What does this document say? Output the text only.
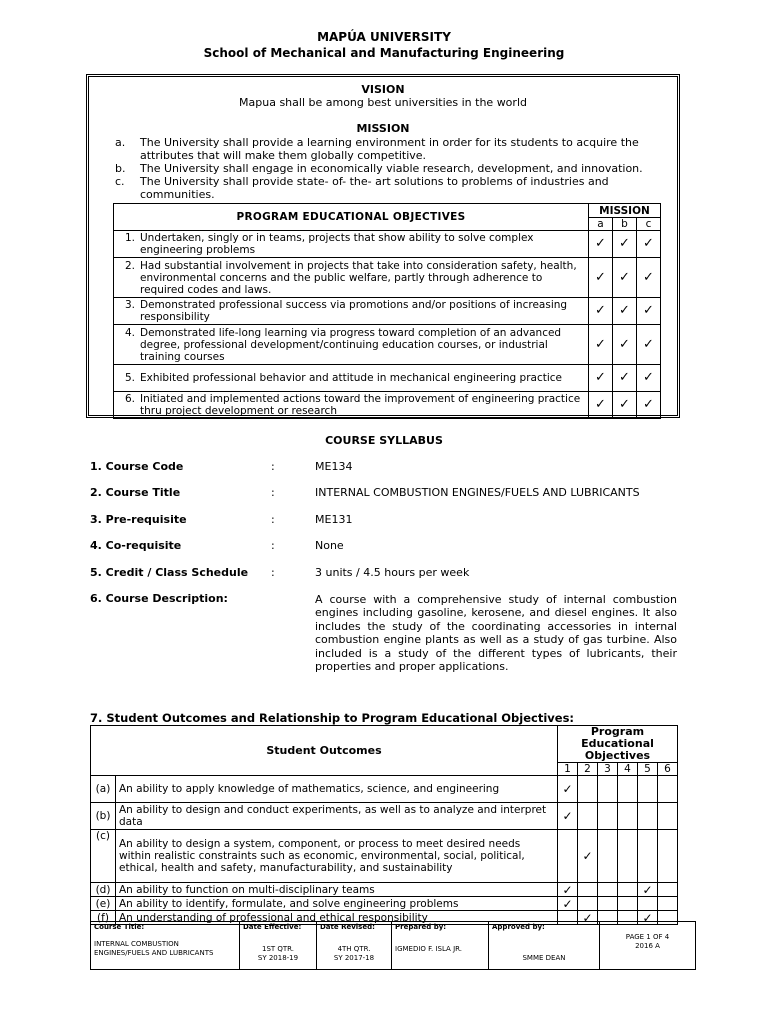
MAPÚA UNIVERSITY
School of Mechanical and Manufacturing Engineering
VISION
Mapua shall be among best universities in the world
MISSION
a.	The University shall provide a learning environment in order for its students to acquire the attributes that will make them globally competitive.
b.	The University shall engage in economically viable research, development, and innovation.
c.	The University shall provide state- of- the- art solutions to problems of industries and communities.
PROGRAM EDUCATIONAL OBJECTIVES	MISSION		
	a	b	c

1. Undertaken, singly or in teams, projects that show ability to solve complex engineering problems	✓	✓	✓

2. Had substantial involvement in projects that take into consideration safety, health, environmental concerns and the public welfare, partly through adherence to required codes and laws.	✓	✓	✓

3. Demonstrated professional success via promotions and/or positions of increasing responsibility	✓	✓	✓

4. Demonstrated life-long learning via progress toward completion of an advanced degree, professional development/continuing education courses, or industrial training courses	✓	✓	✓

5. Exhibited professional behavior and attitude in mechanical engineering practice	✓	✓	✓

6. Initiated and implemented actions toward the improvement of engineering practice thru project development or research	✓	✓	✓
COURSE SYLLABUS
1. Course Code	:	ME134
2. Course Title	:	INTERNAL COMBUSTION ENGINES/FUELS AND LUBRICANTS
3. Pre-requisite	:	ME131
4. Co-requisite	:	None
5. Credit / Class Schedule	:	3 units / 4.5 hours per week
6. Course Description:	A course with a comprehensive study of internal combustion engines including gasoline, kerosene, and diesel engines. It also includes the study of the coordinating accessories in internal combustion engine plants as well as a study of gas turbine. Also included is a study of the different types of lubricants, their properties and proper applications.
7. Student Outcomes and Relationship to Program Educational Objectives:
Student Outcomes		Program Educational Objectives					
		1	2	3	4	5	6
(a)	An ability to apply knowledge of mathematics, science, and engineering	✓					
(b)	An ability to design and conduct experiments, as well as to analyze and interpret data	✓					
(c)	An ability to design a system, component, or process to meet desired needs within realistic constraints such as economic, environmental, social, political, ethical, health and safety, manufacturability, and sustainability		✓				
(d)	An ability to function on multi-disciplinary teams	✓				✓	
(e)	An ability to identify, formulate, and solve engineering problems	✓					
(f)	An understanding of professional and ethical responsibility		✓			✓	
Course Title:
INTERNAL COMBUSTION ENGINES/FUELS AND LUBRICANTS

Date Effective:
1ST QTR.
SY 2018-19

Date Revised:
4TH QTR.
SY 2017-18

Prepared by:
IGMEDIO F. ISLA JR.

Approved by:
SMME DEAN

PAGE 1 OF 4
2016 A
